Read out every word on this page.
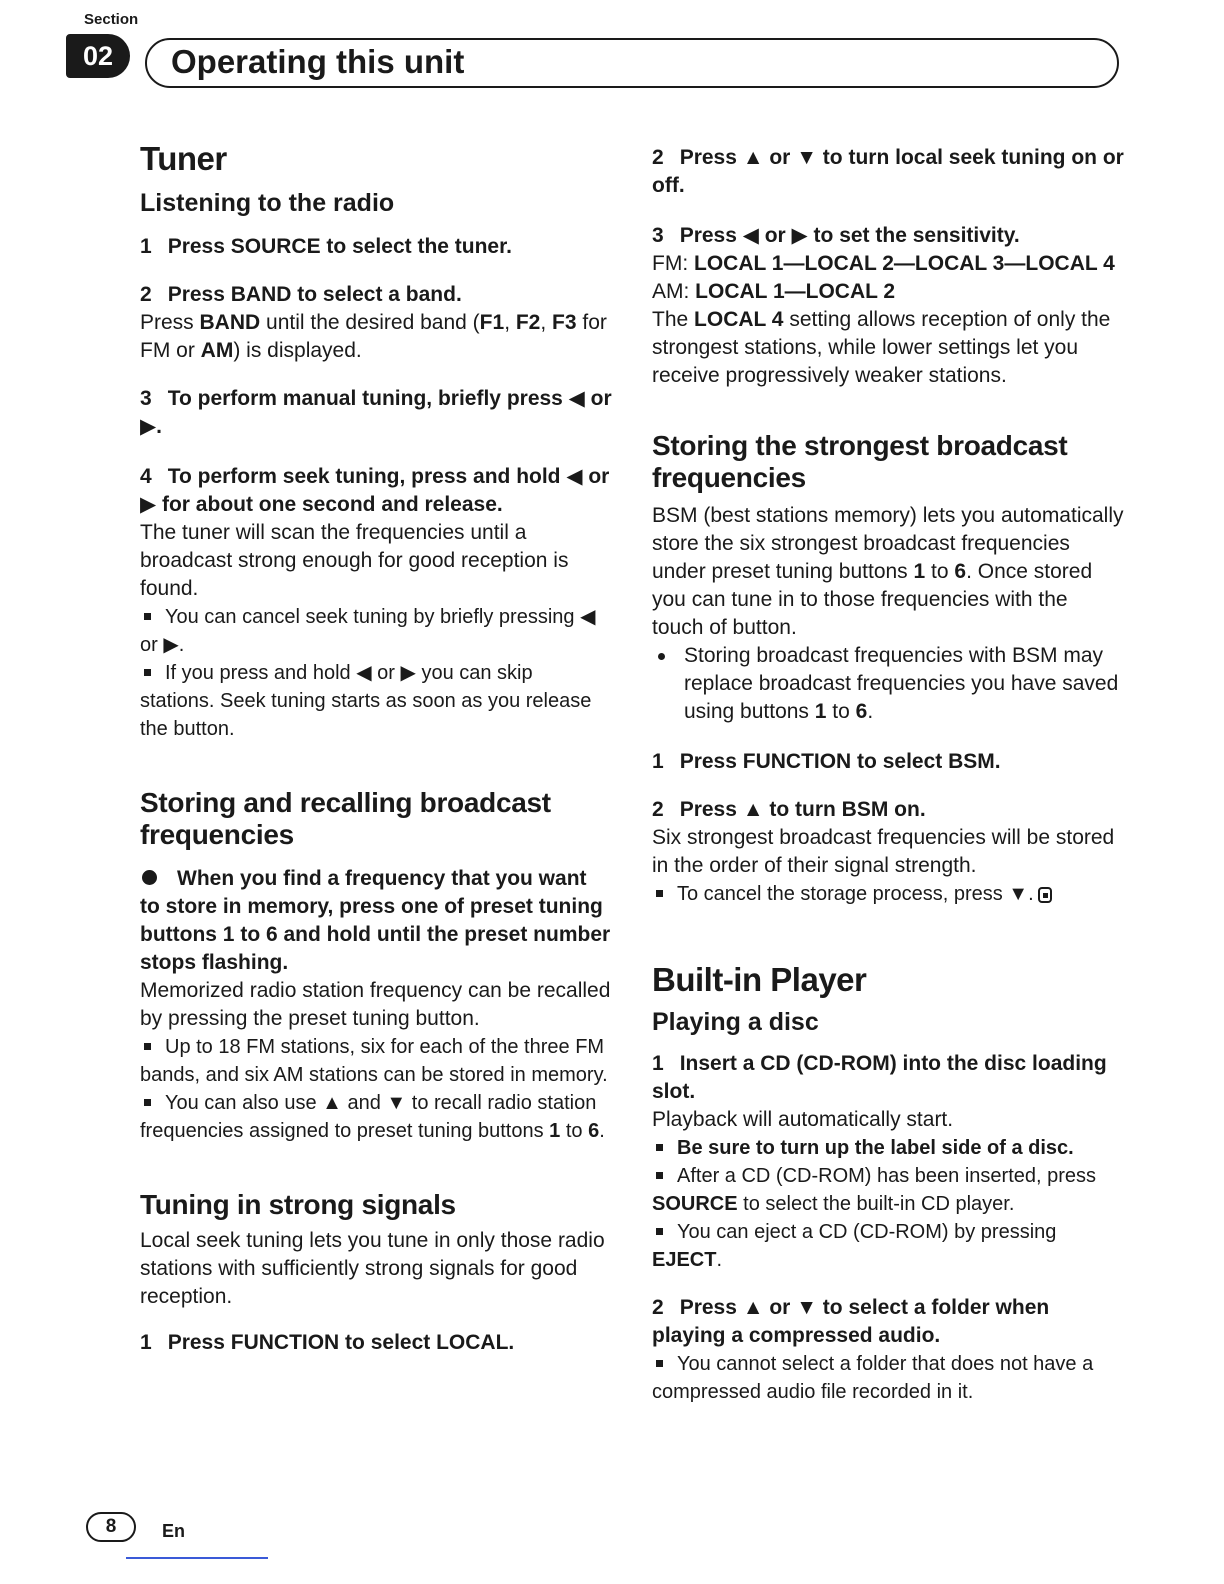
Section
02	Operating this unit
Tuner
Listening to the radio

1 Press SOURCE to select the tuner.

2 Press BAND to select a band.

Press BAND until the desired band (F1, F2, F3 for FM or AM) is displayed.

3 To perform manual tuning, briefly press ◀ or ▶.

4 To perform seek tuning, press and hold ◀ or ▶ for about one second and release.

The tuner will scan the frequencies until a broadcast strong enough for good reception is found.

You can cancel seek tuning by briefly pressing ◀ or ▶.

If you press and hold ◀ or ▶ you can skip stations. Seek tuning starts as soon as you release the button.

Storing and recalling broadcast frequencies

When you find a frequency that you want to store in memory, press one of preset tuning buttons 1 to 6 and hold until the preset number stops flashing.

Memorized radio station frequency can be recalled by pressing the preset tuning button.

Up to 18 FM stations, six for each of the three FM bands, and six AM stations can be stored in memory.

You can also use ▲ and ▼ to recall radio station frequencies assigned to preset tuning buttons 1 to 6.

Tuning in strong signals

Local seek tuning lets you tune in only those radio stations with sufficiently strong signals for good reception.

1 Press FUNCTION to select LOCAL.

2 Press ▲ or ▼ to turn local seek tuning on or off.

3 Press ◀ or ▶ to set the sensitivity.

FM: LOCAL 1—LOCAL 2—LOCAL 3—LOCAL 4

AM: LOCAL 1—LOCAL 2

The LOCAL 4 setting allows reception of only the strongest stations, while lower settings let you receive progressively weaker stations.

Storing the strongest broadcast frequencies

BSM (best stations memory) lets you automatically store the six strongest broadcast frequencies under preset tuning buttons 1 to 6. Once stored you can tune in to those frequencies with the touch of button.

Storing broadcast frequencies with BSM may replace broadcast frequencies you have saved using buttons 1 to 6.

1 Press FUNCTION to select BSM.

2 Press ▲ to turn BSM on.

Six strongest broadcast frequencies will be stored in the order of their signal strength.

To cancel the storage process, press ▼.

Built-in Player
Playing a disc

1 Insert a CD (CD-ROM) into the disc loading slot.

Playback will automatically start.

Be sure to turn up the label side of a disc.

After a CD (CD-ROM) has been inserted, press SOURCE to select the built-in CD player.

You can eject a CD (CD-ROM) by pressing EJECT.

2 Press ▲ or ▼ to select a folder when playing a compressed audio.

You cannot select a folder that does not have a compressed audio file recorded in it.

8	En
